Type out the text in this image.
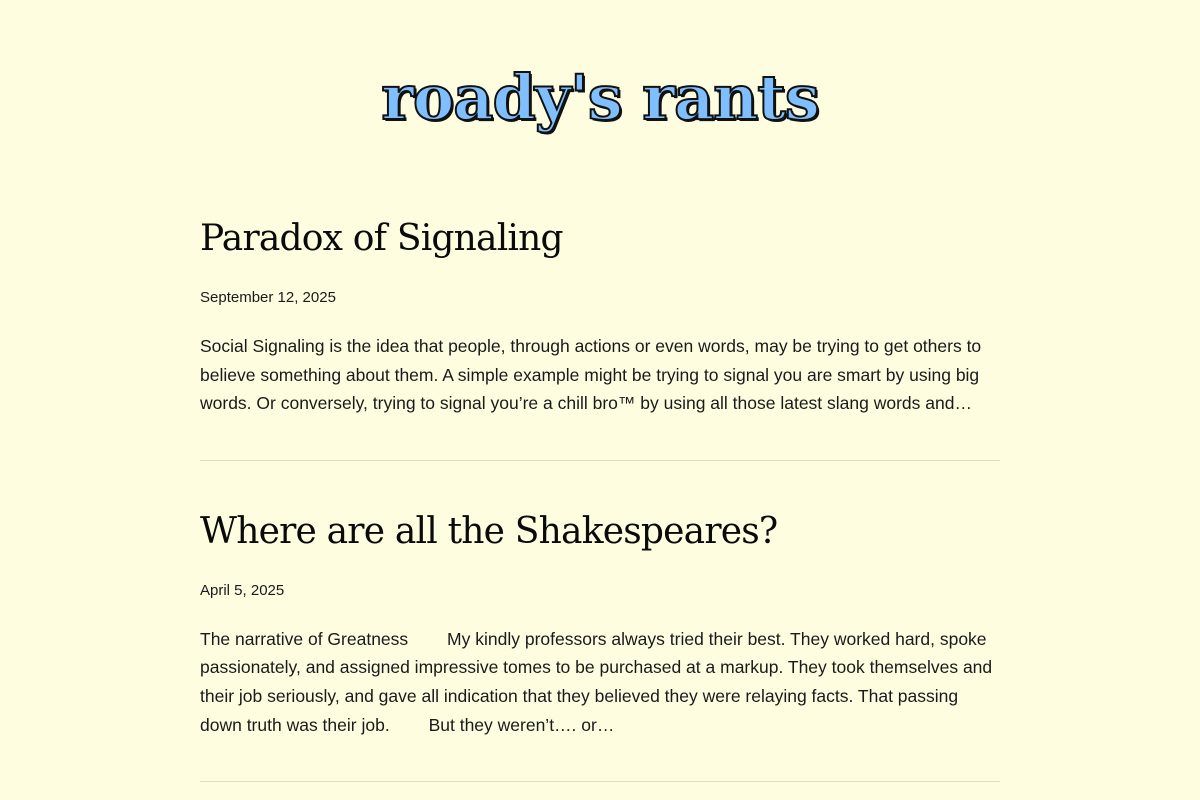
roady's rants
Paradox of Signaling
September 12, 2025

Social Signaling is the idea that people, through actions or even words, may be trying to get others to believe something about them. A simple example might be trying to signal you are smart by using big words. Or conversely, trying to signal you’re a chill bro™ by using all those latest slang words and…

Where are all the Shakespeares?
April 5, 2025

The narrative of Greatness        My kindly professors always tried their best. They worked hard, spoke passionately, and assigned impressive tomes to be purchased at a markup. They took themselves and their job seriously, and gave all indication that they believed they were relaying facts. That passing down truth was their job.        But they weren’t…. or…
